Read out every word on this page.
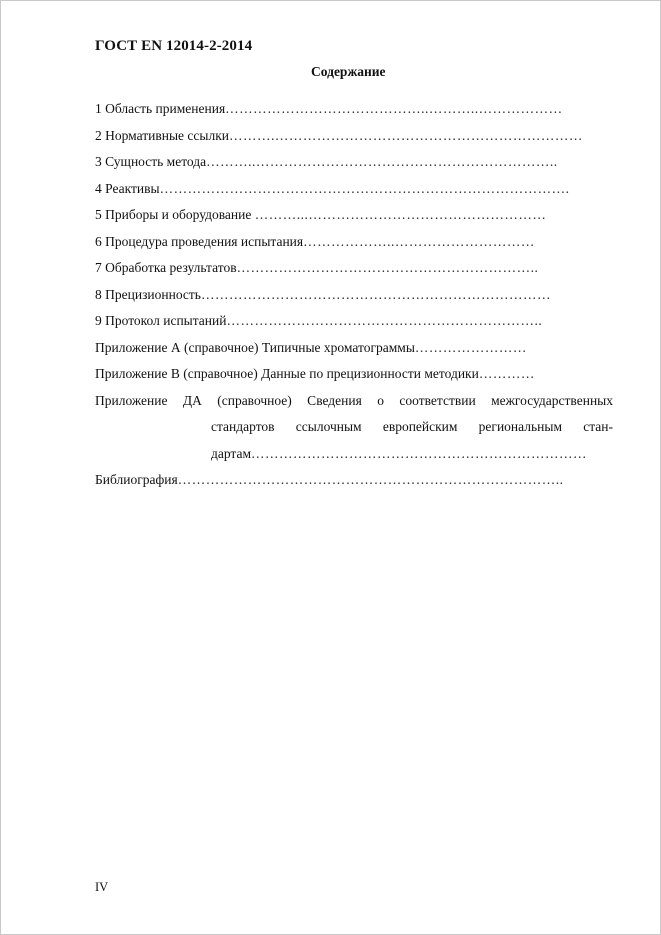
ГОСТ EN 12014-2-2014
Содержание
1 Область применения……………………………………..………..………………
2 Нормативные ссылки……….…………………………………………………………
3 Сущность метода………..………………………………………………………..
4 Реактивы…………………………………………………………………………….
5 Приборы и оборудование ………...……………………………………………
6 Процедура проведения испытания………………..…………………………
7 Обработка результатов………………………………………………………..
8 Прецизионность…………………………………………………………………
9 Протокол испытаний…………………………………………………………..
Приложение А (справочное) Типичные хроматограммы……………………
Приложение В (справочное) Данные по прецизионности методики…………
Приложение ДА (справочное) Сведения о соответствии межгосударственных
стандартов ссылочным европейским региональным стан-
дартам………………………………………………………………
Библиография………………………………………………………………………..
IV
